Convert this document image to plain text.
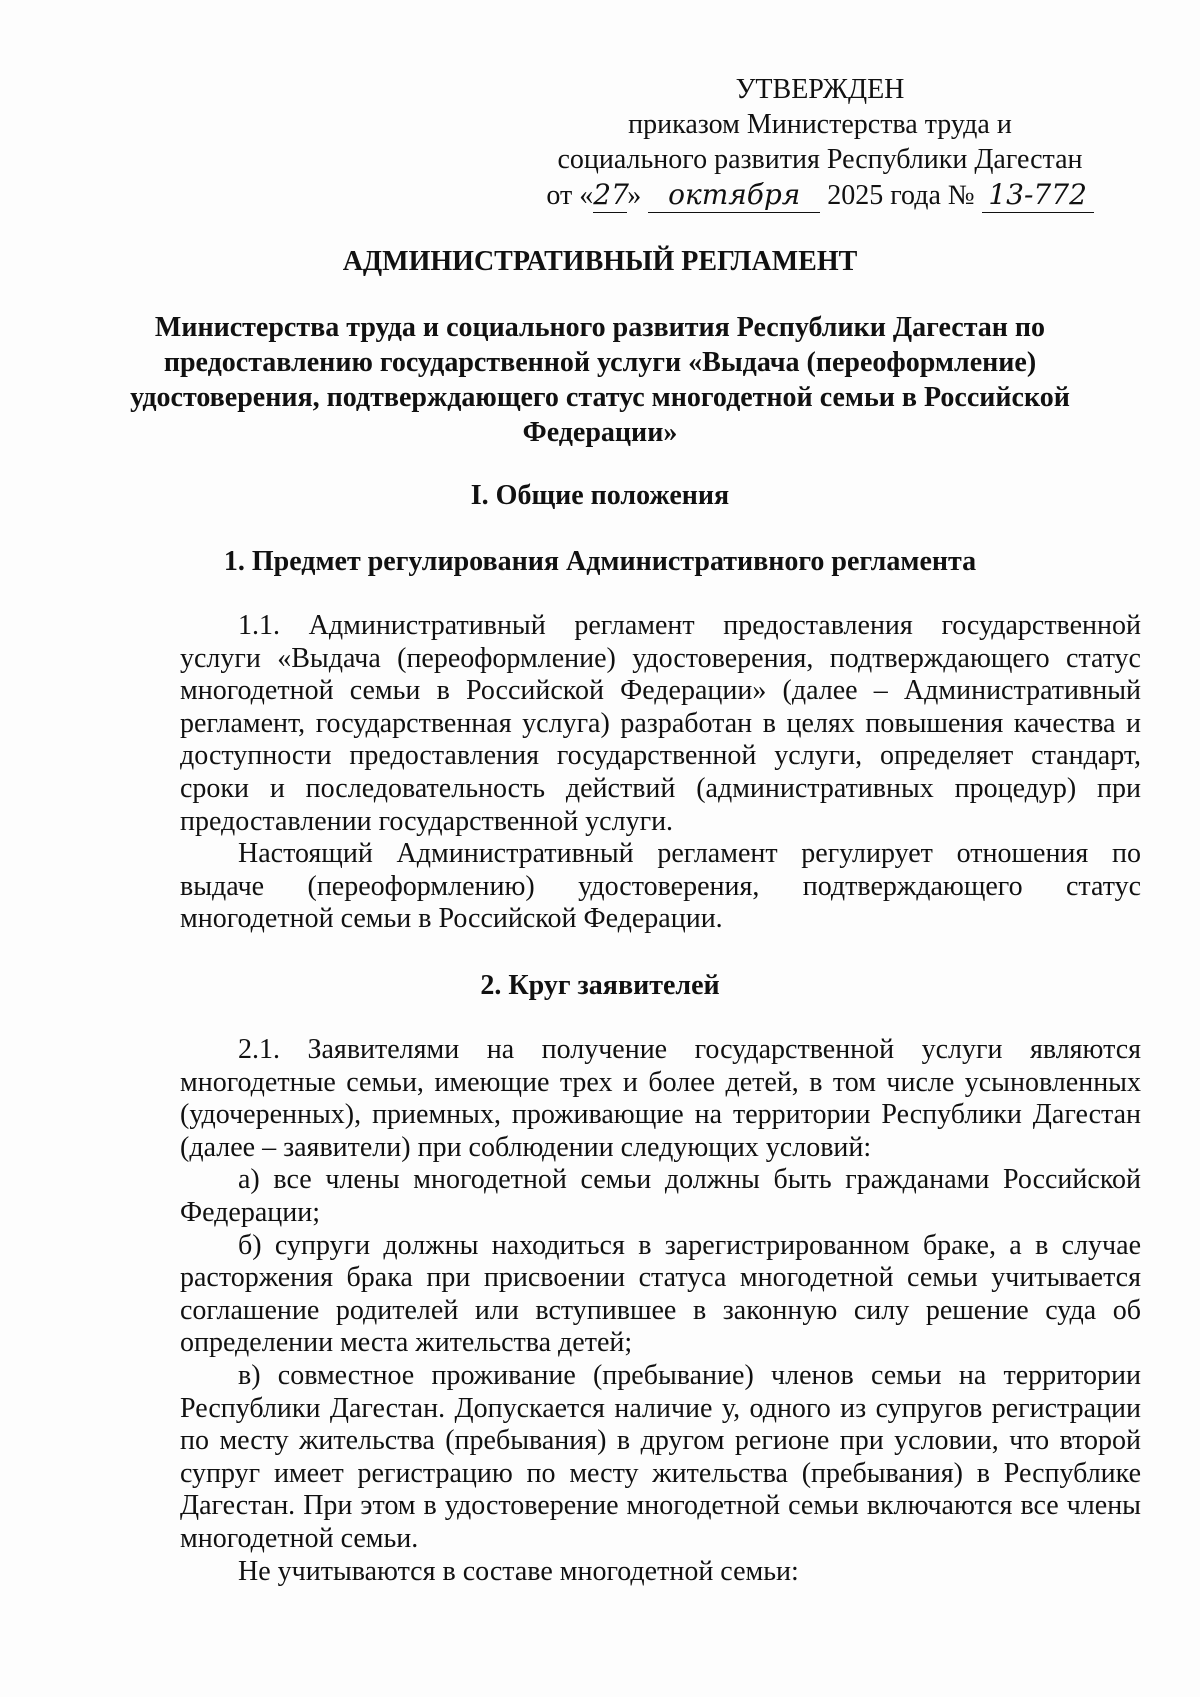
УТВЕРЖДЕН
приказом Министерства труда и
социального развития Республики Дагестан
от «27» октября 2025 года № 13-772
АДМИНИСТРАТИВНЫЙ РЕГЛАМЕНТ
Министерства труда и социального развития Республики Дагестан по предоставлению государственной услуги «Выдача (переоформление) удостоверения, подтверждающего статус многодетной семьи в Российской Федерации»
I. Общие положения
1. Предмет регулирования Административного регламента

1.1. Административный регламент предоставления государственной услуги «Выдача (переоформление) удостоверения, подтверждающего статус многодетной семьи в Российской Федерации» (далее – Административный регламент, государственная услуга) разработан в целях повышения качества и доступности предоставления государственной услуги, определяет стандарт, сроки и последовательность действий (административных процедур) при предоставлении государственной услуги.

Настоящий Административный регламент регулирует отношения по выдаче (переоформлению) удостоверения, подтверждающего статус многодетной семьи в Российской Федерации.

2. Круг заявителей

2.1. Заявителями на получение государственной услуги являются многодетные семьи, имеющие трех и более детей, в том числе усыновленных (удочеренных), приемных, проживающие на территории Республики Дагестан (далее – заявители) при соблюдении следующих условий:

а) все члены многодетной семьи должны быть гражданами Российской Федерации;

б) супруги должны находиться в зарегистрированном браке, а в случае расторжения брака при присвоении статуса многодетной семьи учитывается соглашение родителей или вступившее в законную силу решение суда об определении места жительства детей;

в) совместное проживание (пребывание) членов семьи на территории Республики Дагестан. Допускается наличие у, одного из супругов регистрации по месту жительства (пребывания) в другом регионе при условии, что второй супруг имеет регистрацию по месту жительства (пребывания) в Республике Дагестан. При этом в удостоверение многодетной семьи включаются все члены многодетной семьи.

Не учитываются в составе многодетной семьи:
